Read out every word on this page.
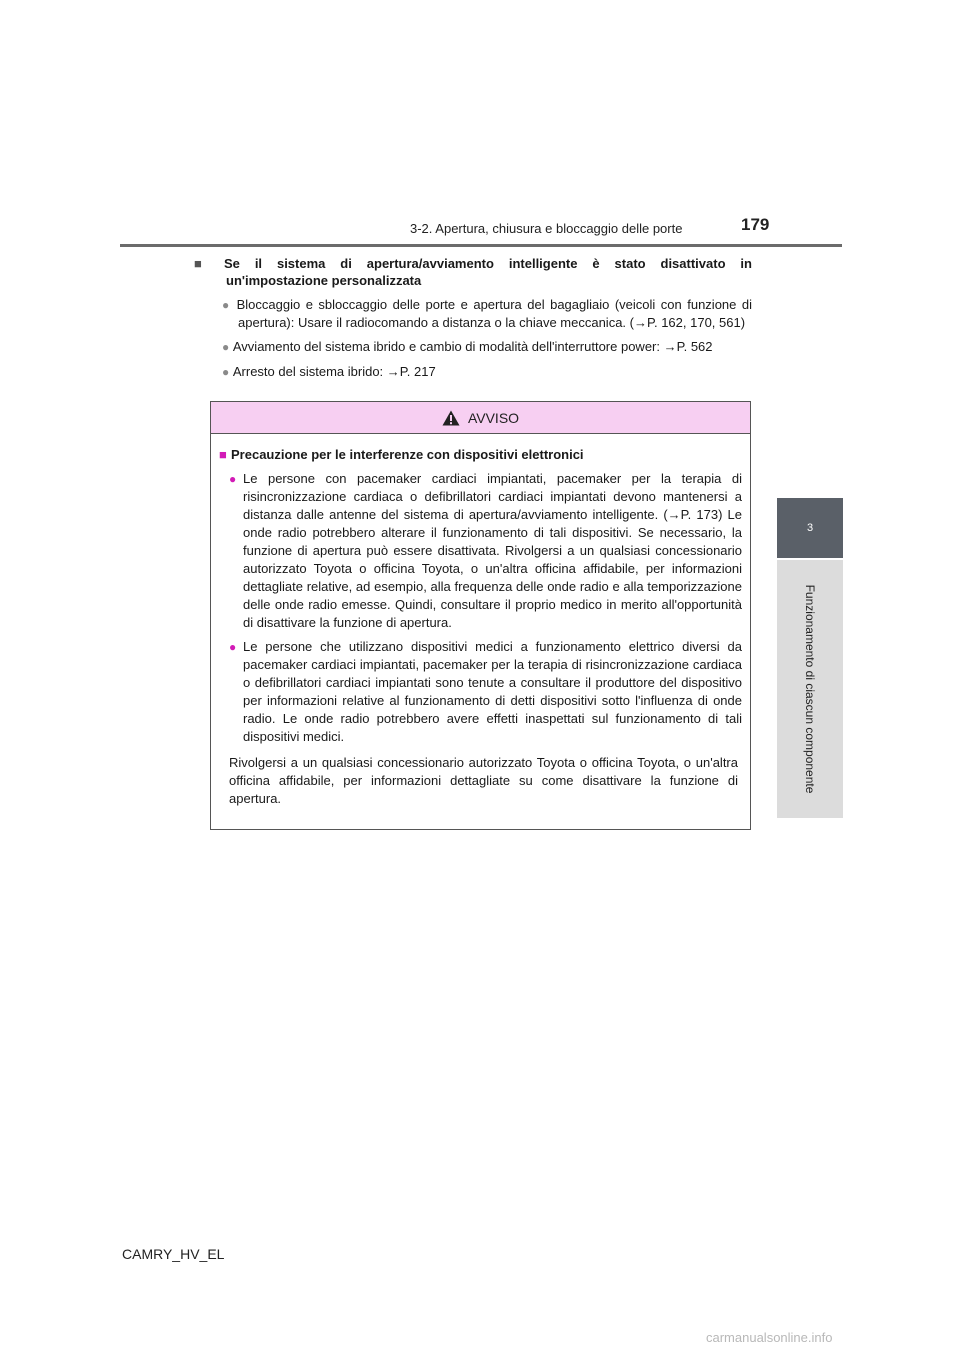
3-2. Apertura, chiusura e bloccaggio delle porte	179
3
Funzionamento di ciascun componente
■ Se il sistema di apertura/avviamento intelligente è stato disattivato in un'impostazione personalizzata
● Bloccaggio e sbloccaggio delle porte e apertura del bagagliaio (veicoli con funzione di apertura): Usare il radiocomando a distanza o la chiave meccanica. (→P. 162, 170, 561)
● Avviamento del sistema ibrido e cambio di modalità dell'interruttore power: →P. 562
● Arresto del sistema ibrido: →P. 217
AVVISO
■ Precauzione per le interferenze con dispositivi elettronici
● Le persone con pacemaker cardiaci impiantati, pacemaker per la terapia di risincronizzazione cardiaca o defibrillatori cardiaci impiantati devono mantenersi a distanza dalle antenne del sistema di apertura/avviamento intelligente. (→P. 173) Le onde radio potrebbero alterare il funzionamento di tali dispositivi. Se necessario, la funzione di apertura può essere disattivata. Rivolgersi a un qualsiasi concessionario autorizzato Toyota o officina Toyota, o un'altra officina affidabile, per informazioni dettagliate relative, ad esempio, alla frequenza delle onde radio e alla temporizzazione delle onde radio emesse. Quindi, consultare il proprio medico in merito all'opportunità di disattivare la funzione di apertura.
● Le persone che utilizzano dispositivi medici a funzionamento elettrico diversi da pacemaker cardiaci impiantati, pacemaker per la terapia di risincronizzazione cardiaca o defibrillatori cardiaci impiantati sono tenute a consultare il produttore del dispositivo per informazioni relative al funzionamento di detti dispositivi sotto l'influenza di onde radio. Le onde radio potrebbero avere effetti inaspettati sul funzionamento di tali dispositivi medici.
Rivolgersi a un qualsiasi concessionario autorizzato Toyota o officina Toyota, o un'altra officina affidabile, per informazioni dettagliate su come disattivare la funzione di apertura.
CAMRY_HV_EL
carmanualsonline.info
